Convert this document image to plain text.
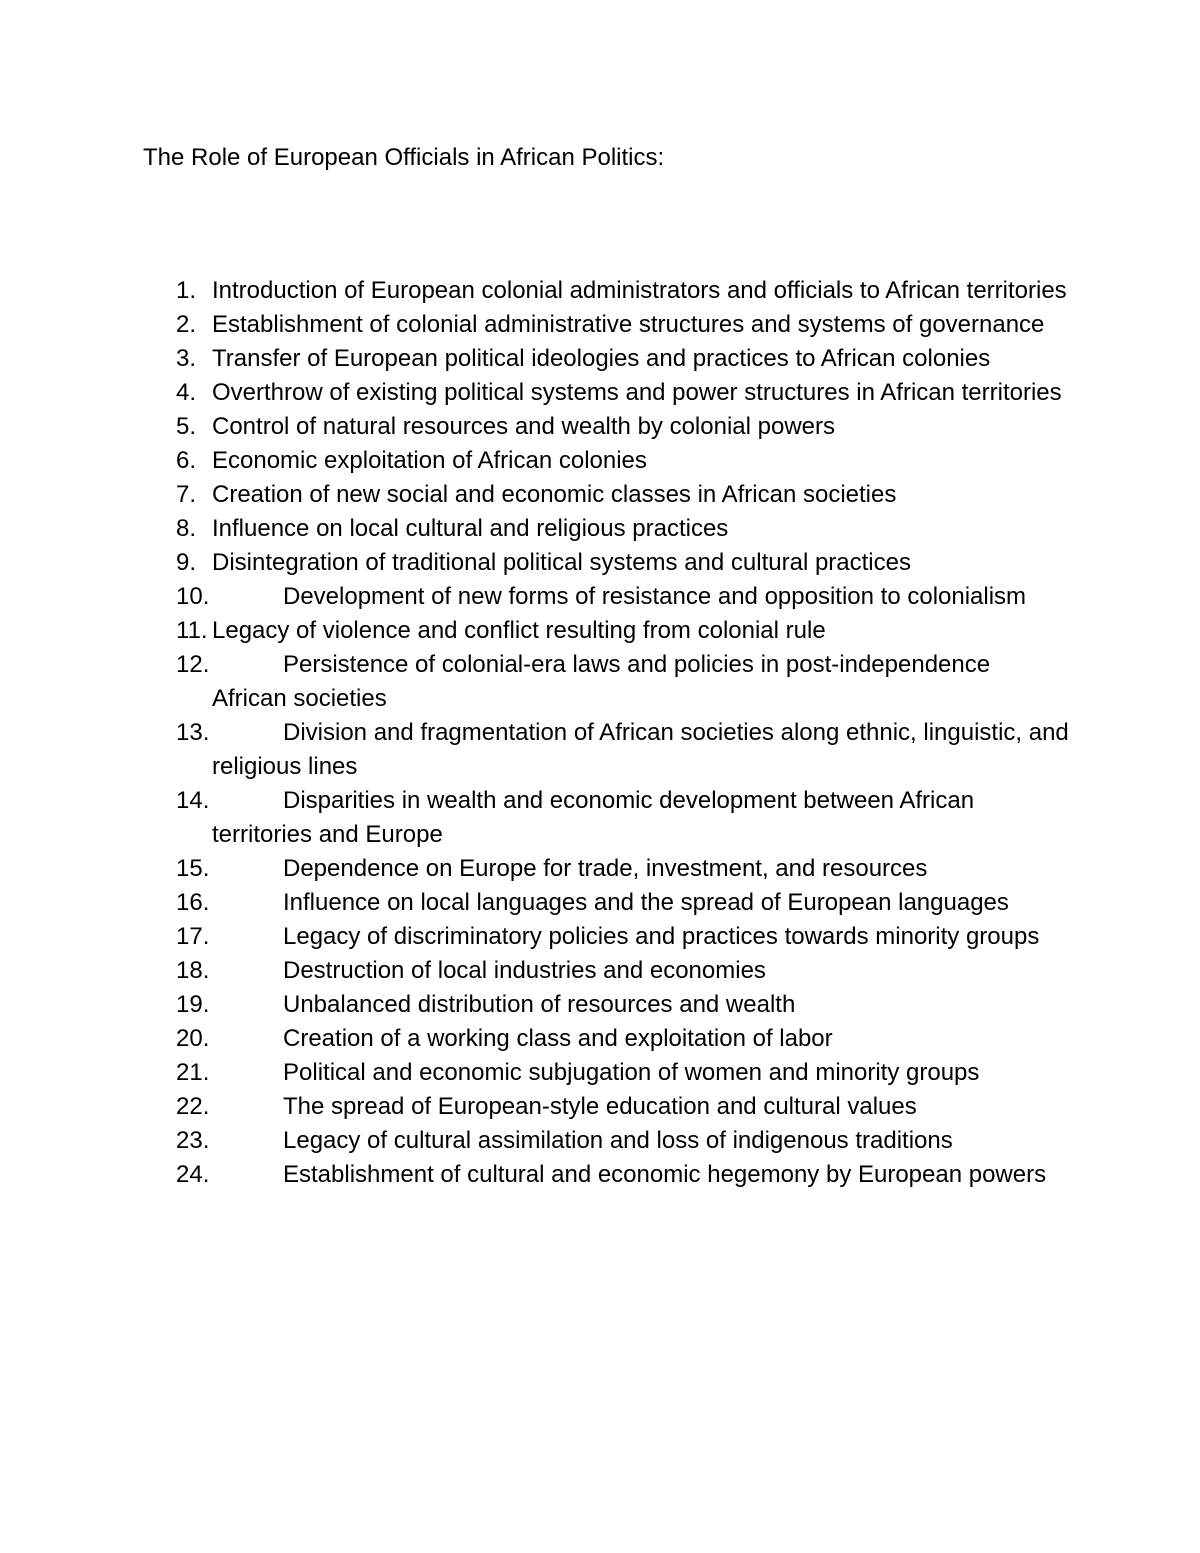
The Role of European Officials in African Politics:
1. Introduction of European colonial administrators and officials to African territories
2. Establishment of colonial administrative structures and systems of governance
3. Transfer of European political ideologies and practices to African colonies
4. Overthrow of existing political systems and power structures in African territories
5. Control of natural resources and wealth by colonial powers
6. Economic exploitation of African colonies
7. Creation of new social and economic classes in African societies
8. Influence on local cultural and religious practices
9. Disintegration of traditional political systems and cultural practices
10.	Development of new forms of resistance and opposition to colonialism
11. Legacy of violence and conflict resulting from colonial rule
12.	Persistence of colonial-era laws and policies in post-independence African societies
13.	Division and fragmentation of African societies along ethnic, linguistic, and religious lines
14.	Disparities in wealth and economic development between African territories and Europe
15.	Dependence on Europe for trade, investment, and resources
16.	Influence on local languages and the spread of European languages
17.	Legacy of discriminatory policies and practices towards minority groups
18.	Destruction of local industries and economies
19.	Unbalanced distribution of resources and wealth
20.	Creation of a working class and exploitation of labor
21.	Political and economic subjugation of women and minority groups
22.	The spread of European-style education and cultural values
23.	Legacy of cultural assimilation and loss of indigenous traditions
24.	Establishment of cultural and economic hegemony by European powers
